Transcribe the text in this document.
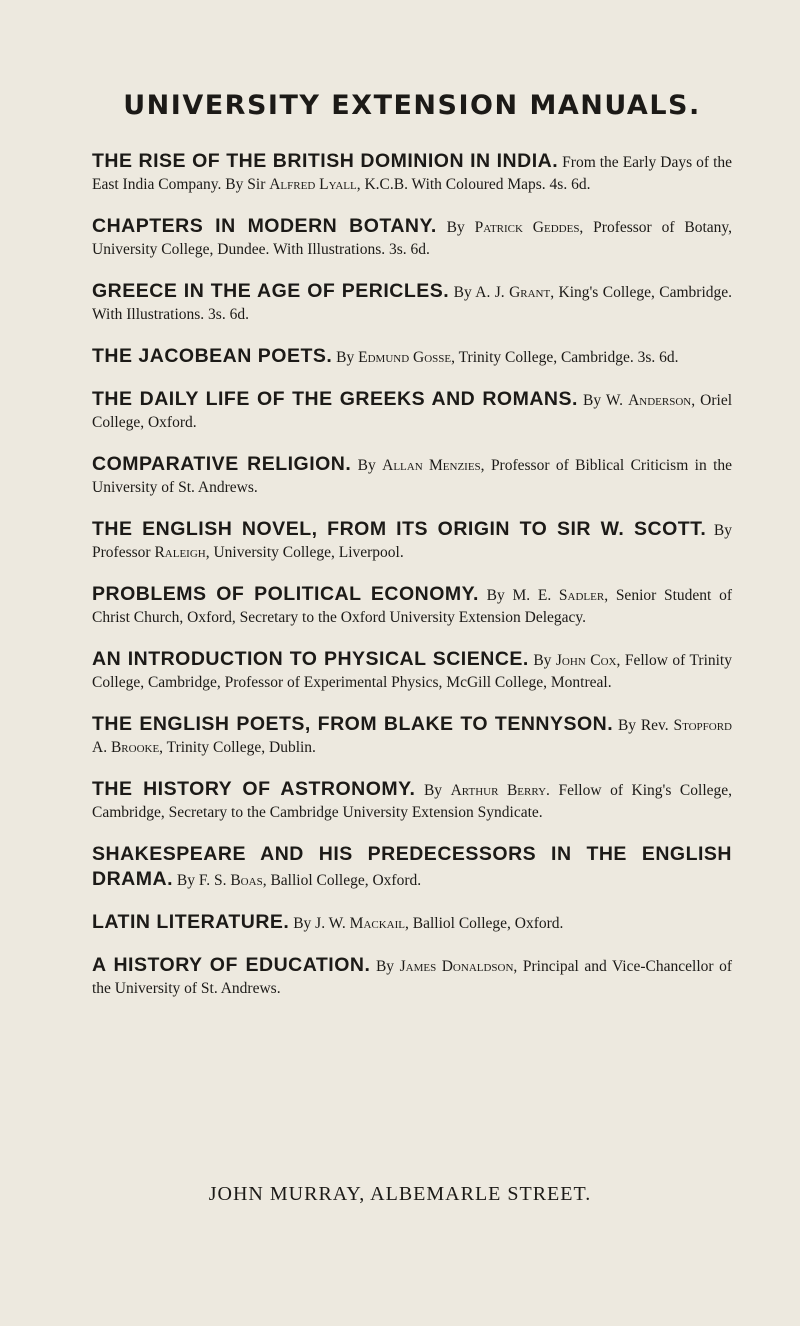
UNIVERSITY EXTENSION MANUALS.

THE RISE OF THE BRITISH DOMINION IN INDIA. From the Early Days of the East India Company. By Sir Alfred Lyall, K.C.B. With Coloured Maps. 4s. 6d.

CHAPTERS IN MODERN BOTANY. By Patrick Geddes, Professor of Botany, University College, Dundee. With Illustrations. 3s. 6d.

GREECE IN THE AGE OF PERICLES. By A. J. Grant, King's College, Cambridge. With Illustrations. 3s. 6d.

THE JACOBEAN POETS. By Edmund Gosse, Trinity College, Cambridge. 3s. 6d.

THE DAILY LIFE OF THE GREEKS AND ROMANS. By W. Anderson, Oriel College, Oxford.

COMPARATIVE RELIGION. By Allan Menzies, Professor of Biblical Criticism in the University of St. Andrews.

THE ENGLISH NOVEL, FROM ITS ORIGIN TO SIR W. SCOTT. By Professor Raleigh, University College, Liverpool.

PROBLEMS OF POLITICAL ECONOMY. By M. E. Sadler, Senior Student of Christ Church, Oxford, Secretary to the Oxford University Extension Delegacy.

AN INTRODUCTION TO PHYSICAL SCIENCE. By John Cox, Fellow of Trinity College, Cambridge, Professor of Experimental Physics, McGill College, Montreal.

THE ENGLISH POETS, FROM BLAKE TO TENNYSON. By Rev. Stopford A. Brooke, Trinity College, Dublin.

THE HISTORY OF ASTRONOMY. By Arthur Berry. Fellow of King's College, Cambridge, Secretary to the Cambridge University Extension Syndicate.

SHAKESPEARE AND HIS PREDECESSORS IN THE ENGLISH DRAMA. By F. S. Boas, Balliol College, Oxford.

LATIN LITERATURE. By J. W. Mackail, Balliol College, Oxford.

A HISTORY OF EDUCATION. By James Donaldson, Principal and Vice-Chancellor of the University of St. Andrews.

JOHN MURRAY, ALBEMARLE STREET.
